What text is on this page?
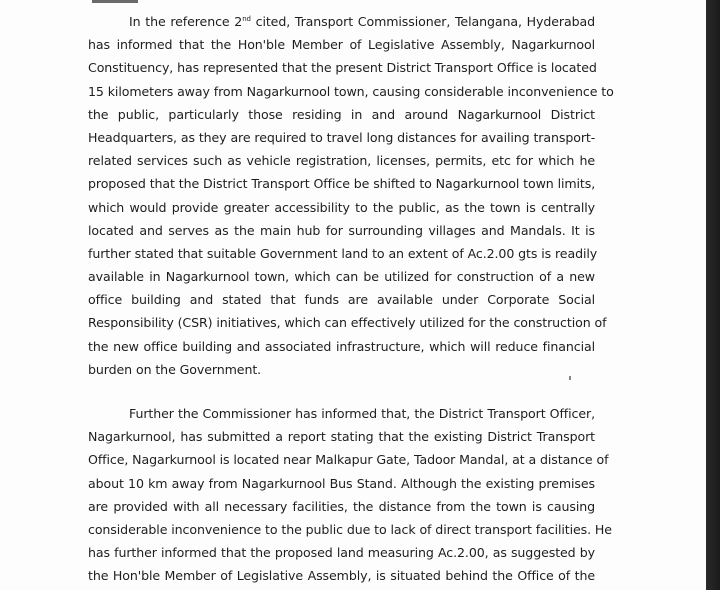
In the reference 2nd cited, Transport Commissioner, Telangana, Hyderabad
has informed that the Hon'ble Member of Legislative Assembly, Nagarkurnool
Constituency, has represented that the present District Transport Office is located
15 kilometers away from Nagarkurnool town, causing considerable inconvenience to
the public, particularly those residing in and around Nagarkurnool District
Headquarters, as they are required to travel long distances for availing transport-
related services such as vehicle registration, licenses, permits, etc for which he
proposed that the District Transport Office be shifted to Nagarkurnool town limits,
which would provide greater accessibility to the public, as the town is centrally
located and serves as the main hub for surrounding villages and Mandals. It is
further stated that suitable Government land to an extent of Ac.2.00 gts is readily
available in Nagarkurnool town, which can be utilized for construction of a new
office building and stated that funds are available under Corporate Social
Responsibility (CSR) initiatives, which can effectively utilized for the construction of
the new office building and associated infrastructure, which will reduce financial
burden on the Government.
Further the Commissioner has informed that, the District Transport Officer,
Nagarkurnool, has submitted a report stating that the existing District Transport
Office, Nagarkurnool is located near Malkapur Gate, Tadoor Mandal, at a distance of
about 10 km away from Nagarkurnool Bus Stand. Although the existing premises
are provided with all necessary facilities, the distance from the town is causing
considerable inconvenience to the public due to lack of direct transport facilities. He
has further informed that the proposed land measuring Ac.2.00, as suggested by
the Hon'ble Member of Legislative Assembly, is situated behind the Office of the
